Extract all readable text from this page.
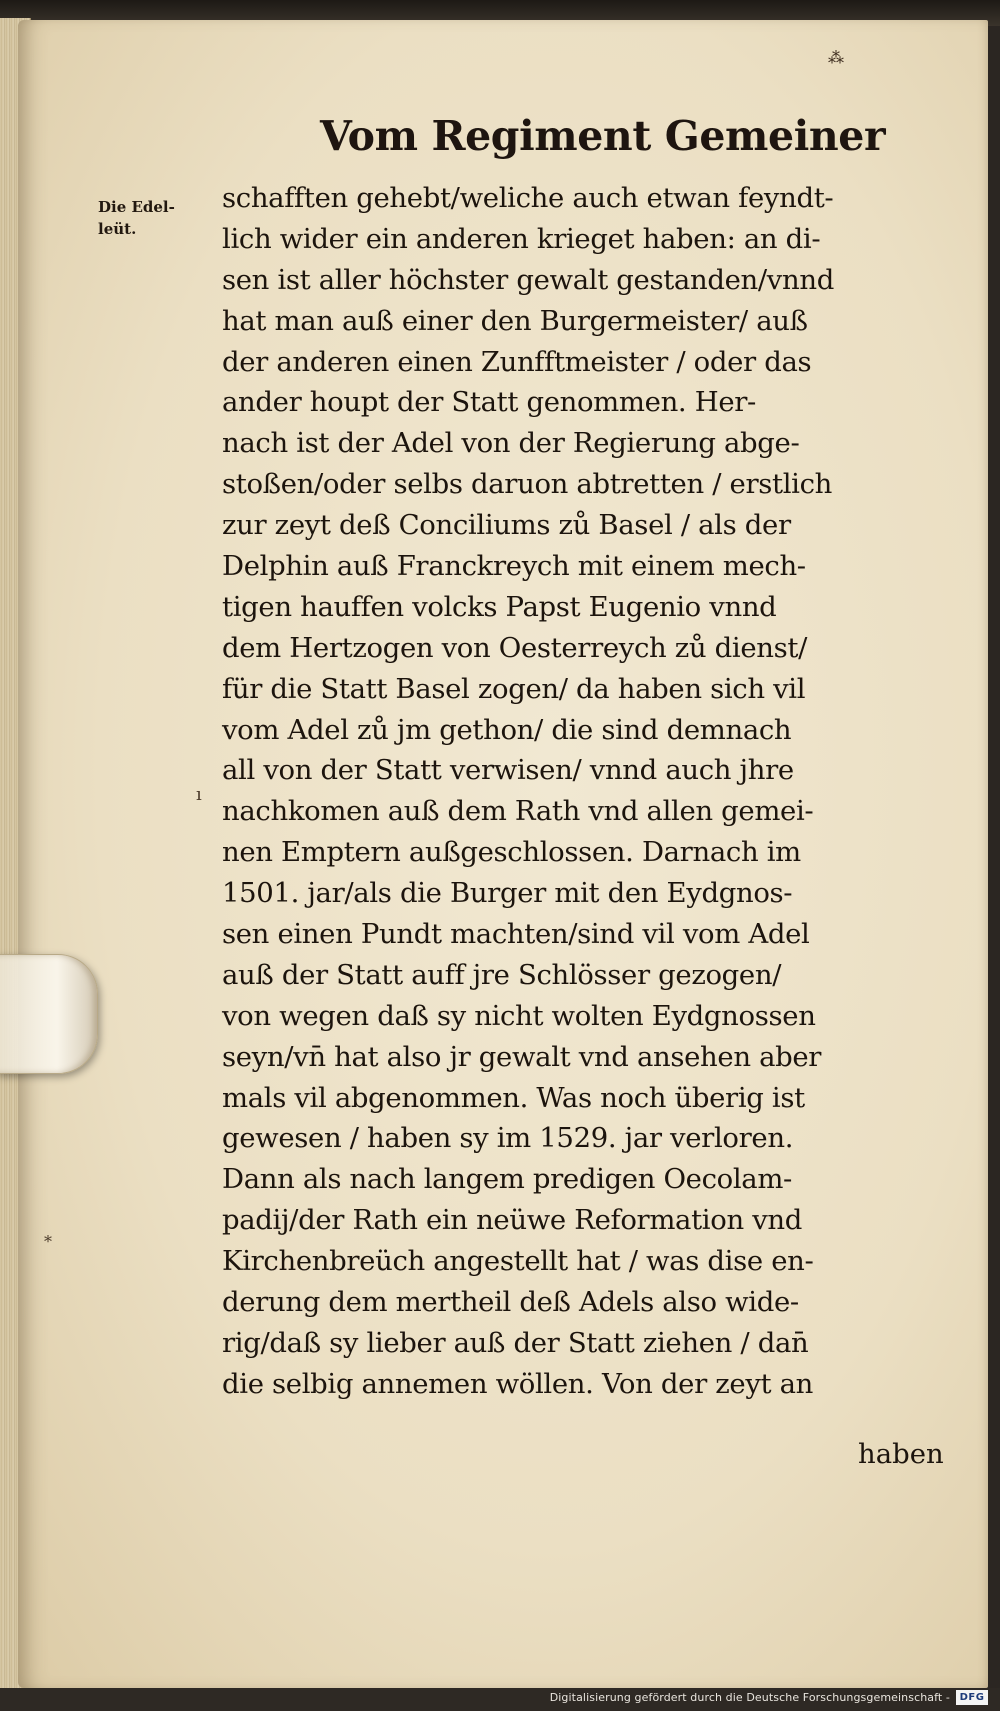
⁂
Vom Regiment Gemeiner
Die Edel-
leüt.
schafften gehebt/weliche auch etwan feyndt-
lich wider ein anderen krieget haben: an di-
sen ist aller höchster gewalt gestanden/vnnd
hat man auß einer den Burgermeister/ auß
der anderen einen Zunfftmeister / oder das
ander houpt der Statt genommen. Her-
nach ist der Adel von der Regierung abge-
stoßen/oder selbs daruon abtretten / erstlich
zur zeyt deß Conciliums zů Basel / als der
Delphin auß Franckreych mit einem mech-
tigen hauffen volcks Papst Eugenio vnnd
dem Hertzogen von Oesterreych zů dienst/
für die Statt Basel zogen/ da haben sich vil
vom Adel zů jm gethon/ die sind demnach
all von der Statt verwisen/ vnnd auch jhre
nachkomen auß dem Rath vnd allen gemei-
nen Emptern außgeschlossen. Darnach im
1501. jar/als die Burger mit den Eydgnos-
sen einen Pundt machten/sind vil vom Adel
auß der Statt auff jre Schlösser gezogen/
von wegen daß sy nicht wolten Eydgnossen
seyn/vn̄ hat also jr gewalt vnd ansehen aber
mals vil abgenommen. Was noch überig ist
gewesen / haben sy im 1529. jar verloren.
Dann als nach langem predigen Oecolam-
padij/der Rath ein neüwe Reformation vnd
Kirchenbreüch angestellt hat / was dise en-
derung dem mertheil deß Adels also wide-
rig/daß sy lieber auß der Statt ziehen / dan̄
die selbig annemen wöllen. Von der zeyt an
haben
ı
*
Digitalisierung gefördert durch die Deutsche Forschungsgemeinschaft - DFG
